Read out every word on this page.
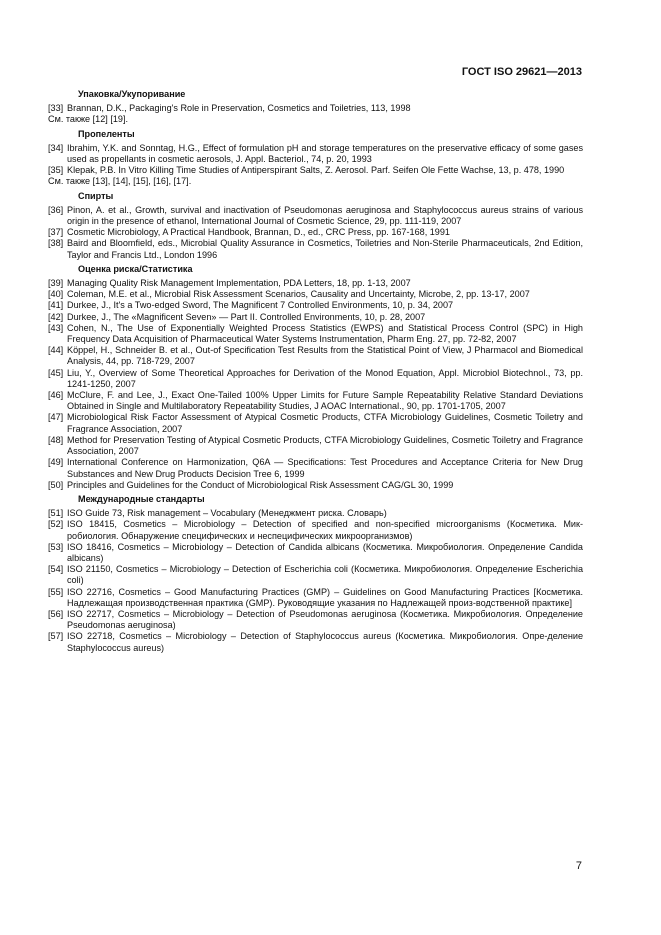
ГОСТ ISO 29621—2013
Упаковка/Укупоривание
[33] Brannan, D.K., Packaging's Role in Preservation, Cosmetics and Toiletries, 113, 1998
См. также [12] [19].
Пропеленты
[34] Ibrahim, Y.K. and Sonntag, H.G., Effect of formulation pH and storage temperatures on the preservative efficacy of some gases used as propellants in cosmetic aerosols, J. Appl. Bacteriol., 74, p. 20, 1993
[35] Klepak, P.B. In Vitro Killing Time Studies of Antiperspirant Salts, Z. Aerosol. Parf. Seifen Ole Fette Wachse, 13, p. 478, 1990
См. также [13], [14], [15], [16], [17].
Спирты
[36] Pinon, A. et al., Growth, survival and inactivation of Pseudomonas aeruginosa and Staphylococcus aureus strains of various origin in the presence of ethanol, International Journal of Cosmetic Science, 29, pp. 111-119, 2007
[37] Cosmetic Microbiology, A Practical Handbook, Brannan, D., ed., CRC Press, pp. 167-168, 1991
[38] Baird and Bloomfield, eds., Microbial Quality Assurance in Cosmetics, Toiletries and Non-Sterile Pharmaceuticals, 2nd Edition, Taylor and Francis Ltd., London 1996
Оценка риска/Статистика
[39] Managing Quality Risk Management Implementation, PDA Letters, 18, pp. 1-13, 2007
[40] Coleman, M.E. et al., Microbial Risk Assessment Scenarios, Causality and Uncertainty, Microbe, 2, pp. 13-17, 2007
[41] Durkee, J., It's a Two-edged Sword, The Magnificent 7 Controlled Environments, 10, p. 34, 2007
[42] Durkee, J., The «Magnificent Seven» — Part II. Controlled Environments, 10, p. 28, 2007
[43] Cohen, N., The Use of Exponentially Weighted Process Statistics (EWPS) and Statistical Process Control (SPC) in High Frequency Data Acquisition of Pharmaceutical Water Systems Instrumentation, Pharm Eng. 27, pp. 72-82, 2007
[44] Köppel, H., Schneider B. et al., Out-of Specification Test Results from the Statistical Point of View, J Pharmacol and Biomedical Analysis, 44, pp. 718-729, 2007
[45] Liu, Y., Overview of Some Theoretical Approaches for Derivation of the Monod Equation, Appl. Microbiol Biotechnol., 73, pp. 1241-1250, 2007
[46] McClure, F. and Lee, J., Exact One-Tailed 100% Upper Limits for Future Sample Repeatability Relative Standard Deviations Obtained in Single and Multilaboratory Repeatability Studies, J AOAC International., 90, pp. 1701-1705, 2007
[47] Microbiological Risk Factor Assessment of Atypical Cosmetic Products, CTFA Microbiology Guidelines, Cosmetic Toiletry and Fragrance Association, 2007
[48] Method for Preservation Testing of Atypical Cosmetic Products, CTFA Microbiology Guidelines, Cosmetic Toiletry and Fragrance Association, 2007
[49] International Conference on Harmonization, Q6A — Specifications: Test Procedures and Acceptance Criteria for New Drug Substances and New Drug Products Decision Tree 6, 1999
[50] Principles and Guidelines for the Conduct of Microbiological Risk Assessment CAG/GL 30, 1999
Международные стандарты
[51] ISO Guide 73, Risk management – Vocabulary (Менеджмент риска. Словарь)
[52] ISO 18415, Cosmetics – Microbiology – Detection of specified and non-specified microorganisms (Косметика. Мик-робиология. Обнаружение специфических и неспецифических микроорганизмов)
[53] ISO 18416, Cosmetics – Microbiology – Detection of Candida albicans (Косметика. Микробиология. Определение Candida albicans)
[54] ISO 21150, Cosmetics – Microbiology – Detection of Escherichia coli (Косметика. Микробиология. Определение Escherichia coli)
[55] ISO 22716, Cosmetics – Good Manufacturing Practices (GMP) – Guidelines on Good Manufacturing Practices [Косметика. Надлежащая производственная практика (GMP). Руководящие указания по Надлежащей произ-водственной практике]
[56] ISO 22717, Cosmetics – Microbiology – Detection of Pseudomonas aeruginosa (Косметика. Микробиология. Определение Pseudomonas aeruginosa)
[57] ISO 22718, Cosmetics – Microbiology – Detection of Staphylococcus aureus (Косметика. Микробиология. Опре-деление Staphylococcus aureus)
7
